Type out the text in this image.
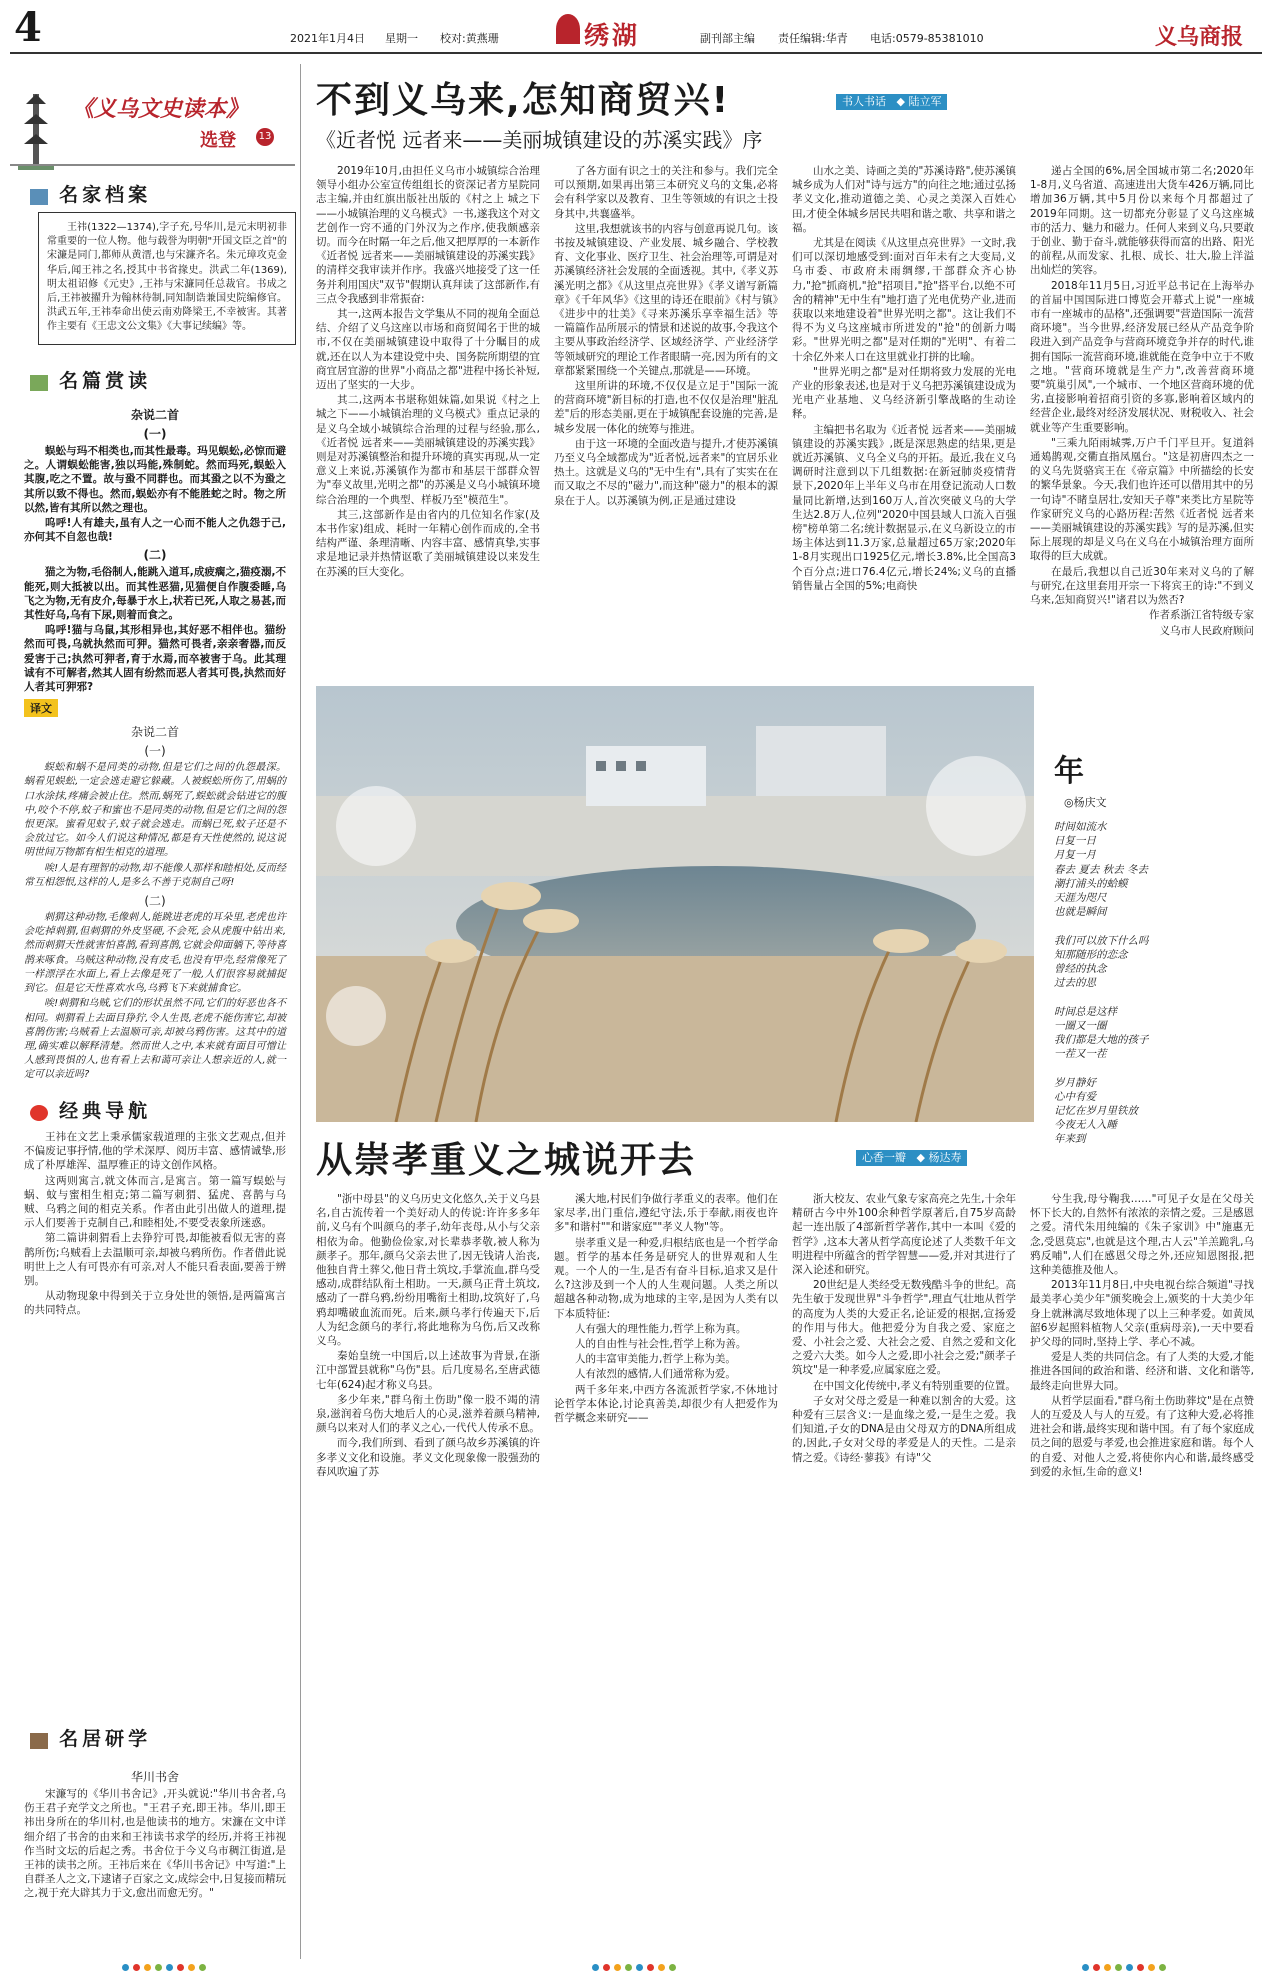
4	2021年1月4日 星期一 校对:黄燕珊	绣湖	副刊部主编 责任编辑:华青 电话:0579-85381010	义乌商报
《义乌文史读本》
选登 13
名家档案

王祎(1322—1374),字子充,号华川,是元末明初非常重要的一位人物。他与载誉为明朝"开国文臣之首"的宋濂是同门,都师从黄溍,也与宋濂齐名。朱元璋攻克金华后,闻王祎之名,授其中书省掾史。洪武二年(1369),明太祖诏修《元史》,王祎与宋濂同任总裁官。书成之后,王祎被擢升为翰林待制,同知制诰兼国史院编修官。洪武五年,王祎奉命出使云南劝降梁王,不幸被害。其著作主要有《王忠文公文集》《大事记续编》等。

名篇赏读
杂说二首
(一)

蜈蚣与玛不相类也,而其性最毒。玛见蜈蚣,必惊而避之。人谓蜈蚣能害,独以玛能,殊制蛇。然而玛死,蜈蚣入其腹,吃之不置。故与蛩不同群也。而其蛩之以不为蛩之其所以致不得也。然而,蜈蚣亦有不能胜蛇之时。物之所以然,皆有其所以然之理也。

呜呼!人有雄夫,虽有人之一心而不能人之仇怨于己,亦何其不自忽也哉!

(二)

猫之为物,毛俗制人,能跳入道耳,成疲瘸之,猫疫溺,不能死,则大抵被以出。而其性恶猫,见猫便自作腹委睡,乌飞之为物,无有皮介,每暴于水上,状若已死,人取之易甚,而其性好乌,乌有下尿,则着而食之。

呜呼!猫与乌鼠,其形相异也,其好恶不相伴也。猫纷然而可畏,乌就执然而可狎。猫然可畏者,亲亲奢器,而反爱害于己;执然可狎者,育于水焉,而卒被害于乌。此其理诚有不可解者,然其人固有纷然而恶人者其可畏,执然而好人者其可狎邪?

译文
杂说二首
(一)

蜈蚣和蜗不是同类的动物,但是它们之间的仇怨最深。蜗看见蜈蚣,一定会逃走避它躲藏。人被蜈蚣所伤了,用蜗的口水涂抹,疼痛会被止住。然而,蜗死了,蜈蚣就会钻进它的腹中,咬个不停,蚊子和蜜也不是同类的动物,但是它们之间的怨恨更深。蜜看见蚊子,蚊子就会逃走。而蜗已死,蚊子还是不会放过它。如今人们说这种情况,都是有天性使然的,说这说明世间万物都有相生相克的道理。

唉!人是有理智的动物,却不能像人那样和睦相处,反而经常互相怨恨,这样的人,是多么不善于克制自己呀!

(二)

刺猬这种动物,毛像刺人,能跳进老虎的耳朵里,老虎也许会吃掉刺猬,但刺猬的外皮坚硬,不会死,会从虎腹中钻出来,然而刺猬天性就害怕喜鹊,看到喜鹊,它就会仰面躺下,等待喜鹊来啄食。乌贼这种动物,没有皮毛,也没有甲壳,经常像死了一样漂浮在水面上,看上去像是死了一般,人们很容易就捕捉到它。但是它天性喜欢水鸟,乌鸦飞下来就捕食它。

唉!刺猬和乌贼,它们的形状虽然不同,它们的好恶也各不相同。刺猬看上去面目狰狞,令人生畏,老虎不能伤害它,却被喜鹊伤害;乌贼看上去温顺可亲,却被乌鸦伤害。这其中的道理,确实难以解释清楚。然而世人之中,本来就有面目可憎让人感到畏惧的人,也有看上去和蔼可亲让人想亲近的人,就一定可以亲近吗?

经典导航

王祎在文艺上秉承儒家载道理的主张文艺观点,但并不偏废记事抒情,他的学术深厚、阅历丰富、感情诚挚,形成了朴厚雄浑、温厚雅正的诗文创作风格。

这两则寓言,就文体而言,是寓言。第一篇写蜈蚣与蜗、蚊与蜜相生相克;第二篇写刺猬、猛虎、喜鹊与乌贼、乌鸦之间的相克关系。作者由此引出做人的道理,提示人们要善于克制自己,和睦相处,不要受表象所迷惑。

第二篇讲刺猬看上去狰狞可畏,却能被看似无害的喜鹊所伤;乌贼看上去温顺可亲,却被乌鸦所伤。作者借此说明世上之人有可畏亦有可亲,对人不能只看表面,要善于辨别。

从动物现象中得到关于立身处世的领悟,是两篇寓言的共同特点。

名居研学
华川书舍

宋濂写的《华川书舍记》,开头就说:"华川书舍者,乌伤王君子充学文之所也。"王君子充,即王祎。华川,即王祎出身所在的华川村,也是他读书的地方。宋濂在文中详细介绍了书舍的由来和王祎读书求学的经历,并将王祎视作当时文坛的后起之秀。书舍位于今义乌市稠江街道,是王祎的读书之所。王祎后来在《华川书舍记》中写道:"上自群圣人之文,下逮诸子百家之文,成综会中,日复接而精玩之,视于充大辟其力于文,愈出而愈无穷。"

不到义乌来,怎知商贸兴!	书人书话 ◆ 陆立军
《近者悦 远者来——美丽城镇建设的苏溪实践》序

2019年10月,由担任义乌市小城镇综合治理领导小组办公室宣传组组长的资深记者方星院同志主编,并由红旗出版社出版的《村之上 城之下——小城镇治理的义乌模式》一书,遂我这个对文艺创作一窍不通的门外汉为之作序,使我颇感亲切。而今在时隔一年之后,他又把厚厚的一本新作《近者悦 远者来——美丽城镇建设的苏溪实践》的清样交我审读并作序。我盛兴地接受了这一任务并利用国庆"双节"假期认真拜读了这部新作,有三点令我感到非常振奋:

其一,这两本报告文学集从不同的视角全面总结、介绍了义乌这座以市场和商贸闻名于世的城市,不仅在美丽城镇建设中取得了十分瞩目的成就,还在以人为本建设党中央、国务院所期望的宜商宜居宜游的世界"小商品之都"进程中扬长补短,迈出了坚实的一大步。

其二,这两本书堪称姐妹篇,如果说《村之上 城之下——小城镇治理的义乌模式》重点记录的是义乌全域小城镇综合治理的过程与经验,那么,《近者悦 远者来——美丽城镇建设的苏溪实践》则是对苏溪镇整治和提升环境的真实再现,从一定意义上来说,苏溪镇作为都市和基层干部群众智为"奉义故里,光明之都"的苏溪是义乌小城镇环境综合治理的一个典型、样板乃至"模范生"。

其三,这部新作是由省内的几位知名作家(及本书作家)组成、耗时一年精心创作而成的,全书结构严谨、条理清晰、内容丰富、感情真挚,实事求是地记录并热情讴歌了美丽城镇建设以来发生在苏溪的巨大变化。

了各方面有识之士的关注和参与。我们完全可以预期,如果再出第三本研究义乌的文集,必将会有科学家以及教育、卫生等领域的有识之士投身其中,共襄盛举。

这里,我想就该书的内容与创意再说几句。该书按及城镇建设、产业发展、城乡融合、学校教育、文化事业、医疗卫生、社会治理等,可谓是对苏溪镇经济社会发展的全面透视。其中,《孝义苏溪光明之都》《从这里点亮世界》《孝义谱写新篇章》《千年风华》《这里的诗还在眼前》《村与镇》《进步中的壮美》《寻来苏溪乐享幸福生活》等一篇篇作品所展示的情景和述说的故事,令我这个主要从事政治经济学、区域经济学、产业经济学等领域研究的理论工作者眼睛一亮,因为所有的文章都紧紧围绕一个关键点,那就是——环境。

这里所讲的环境,不仅仅是立足于"国际一流的营商环境"新目标的打造,也不仅仅是治理"脏乱差"后的形态美丽,更在于城镇配套设施的完善,是城乡发展一体化的统筹与推进。

由于这一环境的全面改造与提升,才使苏溪镇乃至义乌全域都成为"近者悦,远者来"的宜居乐业热土。这就是义乌的"无中生有",具有了实实在在而又取之不尽的"磁力",而这种"磁力"的根本的源泉在于人。以苏溪镇为例,正是通过建设

山水之美、诗画之美的"苏溪诗路",使苏溪镇城乡成为人们对"诗与远方"的向往之地;通过弘扬孝义文化,推动道德之美、心灵之美深入百姓心田,才使全体城乡居民共唱和谐之歌、共享和谐之福。

尤其是在阅读《从这里点亮世界》一文时,我们可以深切地感受到:面对百年未有之大变局,义乌市委、市政府未雨绸缪,干部群众齐心协力,"抢"抓商机,"抢"招项目,"抢"搭平台,以绝不可舍的精神"无中生有"地打造了光电优势产业,进而获取以来地建设着"世界光明之都"。这让我们不得不为义乌这座城市所迸发的"抢"的创新力喝彩。"世界光明之都"是对任期的"光明"、有着二十余亿外来人口在这里就业打拼的比喻。

"世界光明之都"是对任期将致力发展的光电产业的形象表述,也是对于义乌把苏溪镇建设成为光电产业基地、义乌经济新引擎战略的生动诠释。

主编把书名取为《近者悦 远者来——美丽城镇建设的苏溪实践》,既是深思熟虑的结果,更是就近苏溪镇、义乌全义乌的开拓。最近,我在义乌调研时注意到以下几组数据:在新冠肺炎疫情背景下,2020年上半年义乌市在用登记流动人口数量同比新增,达到160万人,首次突破义乌的大学生达2.8万人,位列"2020中国县域人口流入百强榜"榜单第二名;统计数据显示,在义乌新设立的市场主体达到11.3万家,总量超过65万家;2020年1-8月实现出口1925亿元,增长3.8%,比全国高3个百分点;进口76.4亿元,增长24%;义乌的直播销售量占全国的5%;电商快

递占全国的6%,居全国城市第二名;2020年1-8月,义乌省道、高速进出大货车426万辆,同比增加36万辆,其中5月份以来每个月都超过了2019年同期。这一切都充分彰显了义乌这座城市的活力、魅力和磁力。任何人来到义乌,只要敢于创业、勤于奋斗,就能够获得而富的出路、阳光的前程,从而发家、扎根、成长、壮大,脸上洋溢出灿烂的笑容。

2018年11月5日,习近平总书记在上海举办的首届中国国际进口博览会开幕式上说"一座城市有一座城市的品格",还强调要"营造国际一流营商环境"。当今世界,经济发展已经从产品竞争阶段进入到产品竞争与营商环境竞争并存的时代,谁拥有国际一流营商环境,谁就能在竞争中立于不败之地。"营商环境就是生产力",改善营商环境要"筑巢引凤",一个城市、一个地区营商环境的优劣,直接影响着招商引资的多寡,影响着区域内的经营企业,最终对经济发展状况、财税收入、社会就业等产生重要影响。

"三乘九陌雨城霁,万户千门平旦开。复道斜通鳷鹊观,交衢直指凤凰台。"这是初唐四杰之一的义乌先贤骆宾王在《帝京篇》中所描绘的长安的繁华景象。今天,我们也许还可以借用其中的另一句诗"不睹皇居壮,安知天子尊"来类比方星院等作家研究义乌的心路历程:苦然《近者悦 远者来——美丽城镇建设的苏溪实践》写的是苏溪,但实际上展现的却是义乌在义乌在小城镇治理方面所取得的巨大成就。

在最后,我想以自己近30年来对义乌的了解与研究,在这里套用开宗一下将宾王的诗:"不到义乌来,怎知商贸兴!"诸君以为然否?

作者系浙江省特级专家
义乌市人民政府顾问
年
◎杨庆文
时间如流水
日复一日
月复一月
春去 夏去 秋去 冬去
潮打浦头的蛤蟆
天涯为咫尺
也就是瞬间

我们可以放下什么吗
知那随形的恋念
曾经的执念
过去的思

时间总是这样
一圈又一圈
我们都是大地的孩子
一茬又一茬

岁月静好
心中有爱
记忆在岁月里铁放
今夜无人入睡
年来到
从崇孝重义之城说开去	心香一瓣 ◆ 杨达寿

"浙中母县"的义乌历史文化悠久,关于义乌县名,自古流传着一个美好动人的传说:许许多多年前,义乌有个叫颜乌的孝子,幼年丧母,从小与父亲相依为命。他勤俭俭家,对长辈恭孝敬,被人称为颜孝子。那年,颜乌父亲去世了,因无钱请人治丧,他独自背土葬父,他日背土筑坟,手掌流血,群乌受感动,成群结队衔土相助。一天,颜乌正背土筑坟,感动了一群乌鸦,纷纷用嘴衔土相助,坟筑好了,乌鸦却嘴破血流而死。后来,颜乌孝行传遍天下,后人为纪念颜乌的孝行,将此地称为乌伤,后又改称义乌。

秦始皇统一中国后,以上述故事为背景,在浙江中部置县就称"乌伤"县。后几度易名,至唐武德七年(624)起才称义乌县。

多少年来,"群乌衔土伤助"像一股不竭的清泉,滋润着乌伤大地后人的心灵,滋养着颜乌精神,颜乌以来对人们的孝义之心,一代代人传承不息。

而今,我们所到、看到了颜乌故乡苏溪镇的许多孝义文化和设施。孝义文化现象像一股强劲的春风吹遍了苏

溪大地,村民们争做行孝重义的表率。他们在家尽孝,出门重信,遵纪守法,乐于奉献,雨夜也许多"和谐村""和谐家庭""孝义人物"等。

崇孝重义是一种爱,归根结底也是一个哲学命题。哲学的基本任务是研究人的世界观和人生观。一个人的一生,是否有奋斗目标,追求又是什么?这涉及到一个人的人生观问题。人类之所以超越各种动物,成为地球的主宰,是因为人类有以下本质特征:

人有强大的理性能力,哲学上称为真。

人的自由性与社会性,哲学上称为善。

人的丰富审美能力,哲学上称为美。

人有浓烈的感情,人们通常称为爱。

两千多年来,中西方各流派哲学家,不休地讨论哲学本体论,讨论真善美,却很少有人把爱作为哲学概念来研究——

浙大校友、农业气象专家高亮之先生,十余年精研古今中外100余种哲学原著后,自75岁高龄起一连出版了4部新哲学著作,其中一本叫《爱的哲学》,这本大著从哲学高度论述了人类数千年文明进程中所蕴含的哲学智慧——爱,并对其进行了深入论述和研究。

20世纪是人类经受无数残酷斗争的世纪。高先生敏于发现世界"斗争哲学",理直气壮地从哲学的高度为人类的大爱正名,论证爱的根据,宣扬爱的作用与伟大。他把爱分为自我之爱、家庭之爱、小社会之爱、大社会之爱、自然之爱和文化之爱六大类。如今人之爱,即小社会之爱;"颜孝子筑坟"是一种孝爱,应属家庭之爱。

在中国文化传统中,孝义有特别重要的位置。

子女对父母之爱是一种难以割舍的大爱。这种爱有三层含义:一是血缘之爱,一是生之爱。我们知道,子女的DNA是由父母双方的DNA所组成的,因此,子女对父母的孝爱是人的天性。二是亲情之爱。《诗经·蓼莪》有诗"父

兮生我,母兮鞠我……"可见子女是在父母关怀下长大的,自然怀有浓浓的亲情之爱。三是感恩之爱。清代朱用纯编的《朱子家训》中"施惠无念,受恩莫忘",也就是这个理,古人云"羊羔跪乳,乌鸦反哺",人们在感恩父母之外,还应知恩图报,把这种美德推及他人。

2013年11月8日,中央电视台综合频道"寻找最美孝心美少年"颁奖晚会上,颁奖的十大美少年身上就淋漓尽致地体现了以上三种孝爱。如黄凤韶6岁起照料植物人父亲(重病母亲),一天中要看护父母的同时,坚持上学、孝心不减。

爱是人类的共同信念。有了人类的大爱,才能推进各国间的政治和谐、经济和谐、文化和谐等,最终走向世界大同。

从哲学层面看,"群乌衔土伤助葬坟"是在点赞人的互爱及人与人的互爱。有了这种大爱,必将推进社会和谐,最终实现和谐中国。有了每个家庭成员之间的恩爱与孝爱,也会推进家庭和谐。每个人的自爱、对他人之爱,将使你内心和谐,最终感受到爱的永恒,生命的意义!
